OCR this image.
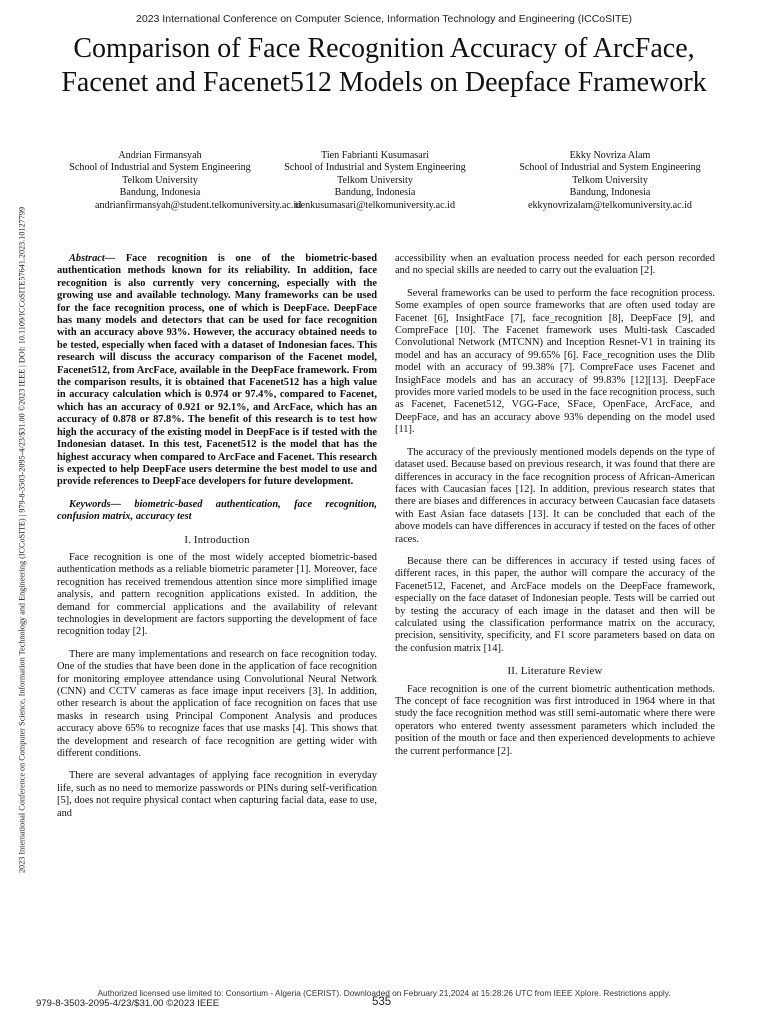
2023 International Conference on Computer Science, Information Technology and Engineering (ICCoSITE)
2023 International Conference on Computer Science, Information Technology and Engineering (ICCoSITE) | 979-8-3503-2095-4/23/$31.00 ©2023 IEEE | DOI: 10.1109/ICCoSITE57641.2023.10127799
Comparison of Face Recognition Accuracy of ArcFace, Facenet and Facenet512 Models on Deepface Framework
Andrian Firmansyah
School of Industrial and System Engineering
Telkom University
Bandung, Indonesia
andrianfirmansyah@student.telkomuniversity.ac.id
Tien Fabrianti Kusumasari
School of Industrial and System Engineering
Telkom University
Bandung, Indonesia
tienkusumasari@telkomuniversity.ac.id
Ekky Novriza Alam
School of Industrial and System Engineering
Telkom University
Bandung, Indonesia
ekkynovrizalam@telkomuniversity.ac.id

Abstract— Face recognition is one of the biometric-based authentication methods known for its reliability. In addition, face recognition is also currently very concerning, especially with the growing use and available technology. Many frameworks can be used for the face recognition process, one of which is DeepFace. DeepFace has many models and detectors that can be used for face recognition with an accuracy above 93%. However, the accuracy obtained needs to be tested, especially when faced with a dataset of Indonesian faces. This research will discuss the accuracy comparison of the Facenet model, Facenet512, from ArcFace, available in the DeepFace framework. From the comparison results, it is obtained that Facenet512 has a high value in accuracy calculation which is 0.974 or 97.4%, compared to Facenet, which has an accuracy of 0.921 or 92.1%, and ArcFace, which has an accuracy of 0.878 or 87.8%. The benefit of this research is to test how high the accuracy of the existing model in DeepFace is if tested with the Indonesian dataset. In this test, Facenet512 is the model that has the highest accuracy when compared to ArcFace and Facenet. This research is expected to help DeepFace users determine the best model to use and provide references to DeepFace developers for future development.

Keywords— biometric-based authentication, face recognition, confusion matrix, accuracy test

I. Introduction

Face recognition is one of the most widely accepted biometric-based authentication methods as a reliable biometric parameter [1]. Moreover, face recognition has received tremendous attention since more simplified image analysis, and pattern recognition applications existed. In addition, the demand for commercial applications and the availability of relevant technologies in development are factors supporting the development of face recognition today [2].

There are many implementations and research on face recognition today. One of the studies that have been done in the application of face recognition for monitoring employee attendance using Convolutional Neural Network (CNN) and CCTV cameras as face image input receivers [3]. In addition, other research is about the application of face recognition on faces that use masks in research using Principal Component Analysis and produces accuracy above 65% to recognize faces that use masks [4]. This shows that the development and research of face recognition are getting wider with different conditions.

There are several advantages of applying face recognition in everyday life, such as no need to memorize passwords or PINs during self-verification [5], does not require physical contact when capturing facial data, ease to use, and

accessibility when an evaluation process needed for each person recorded and no special skills are needed to carry out the evaluation [2].

Several frameworks can be used to perform the face recognition process. Some examples of open source frameworks that are often used today are Facenet [6], InsightFace [7], face_recognition [8], DeepFace [9], and CompreFace [10]. The Facenet framework uses Multi-task Cascaded Convolutional Network (MTCNN) and Inception Resnet-V1 in training its model and has an accuracy of 99.65% [6]. Face_recognition uses the Dlib model with an accuracy of 99.38% [7]. CompreFace uses Facenet and InsighFace models and has an accuracy of 99.83% [12][13]. DeepFace provides more varied models to be used in the face recognition process, such as Facenet, Facenet512, VGG-Face, SFace, OpenFace, ArcFace, and DeepFace, and has an accuracy above 93% depending on the model used [11].

The accuracy of the previously mentioned models depends on the type of dataset used. Because based on previous research, it was found that there are differences in accuracy in the face recognition process of African-American faces with Caucasian faces [12]. In addition, previous research states that there are biases and differences in accuracy between Caucasian face datasets with East Asian face datasets [13]. It can be concluded that each of the above models can have differences in accuracy if tested on the faces of other races.

Because there can be differences in accuracy if tested using faces of different races, in this paper, the author will compare the accuracy of the Facenet512, Facenet, and ArcFace models on the DeepFace framework, especially on the face dataset of Indonesian people. Tests will be carried out by testing the accuracy of each image in the dataset and then will be calculated using the classification performance matrix on the accuracy, precision, sensitivity, specificity, and F1 score parameters based on data on the confusion matrix [14].

II. Literature Review

Face recognition is one of the current biometric authentication methods. The concept of face recognition was first introduced in 1964 where in that study the face recognition method was still semi-automatic where there were operators who entered twenty assessment parameters which included the position of the mouth or face and then experienced developments to achieve the current performance [2].

Authorized licensed use limited to: Consortium - Algeria (CERIST). Downloaded on February 21,2024 at 15:28:26 UTC from IEEE Xplore. Restrictions apply.
979-8-3503-2095-4/23/$31.00 ©2023 IEEE	535
